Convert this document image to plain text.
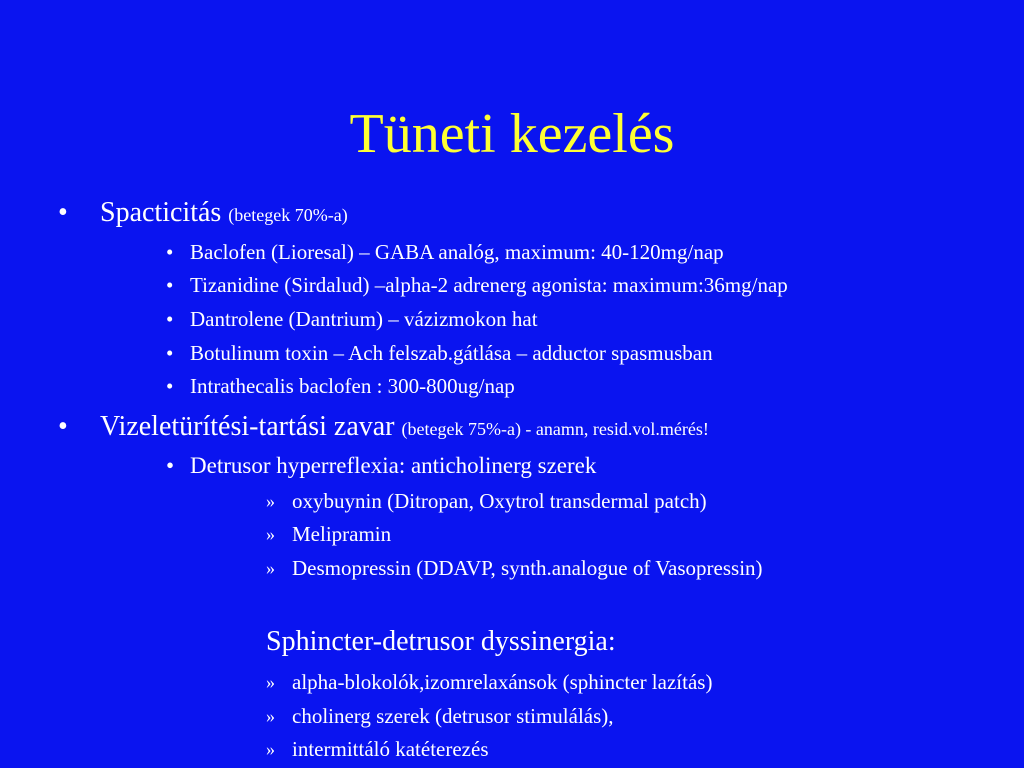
Tüneti kezelés
• Spacticitás (betegek 70%-a)
• Baclofen (Lioresal) – GABA analóg, maximum: 40-120mg/nap
• Tizanidine (Sirdalud) –alpha-2 adrenerg agonista: maximum:36mg/nap
• Dantrolene (Dantrium) – vázizmokon hat
• Botulinum toxin – Ach felszab.gátlása – adductor spasmusban
• Intrathecalis baclofen : 300-800ug/nap
• Vizeletürítési-tartási zavar (betegek 75%-a) - anamn, resid.vol.mérés!
• Detrusor hyperreflexia: anticholinerg szerek
» oxybuynin (Ditropan, Oxytrol transdermal patch)
» Melipramin
» Desmopressin (DDAVP, synth.analogue of Vasopressin)
Sphincter-detrusor dyssinergia:
» alpha-blokolók,izomrelaxánsok (sphincter lazítás)
» cholinerg szerek (detrusor stimulálás),
» intermittáló katéterezés
